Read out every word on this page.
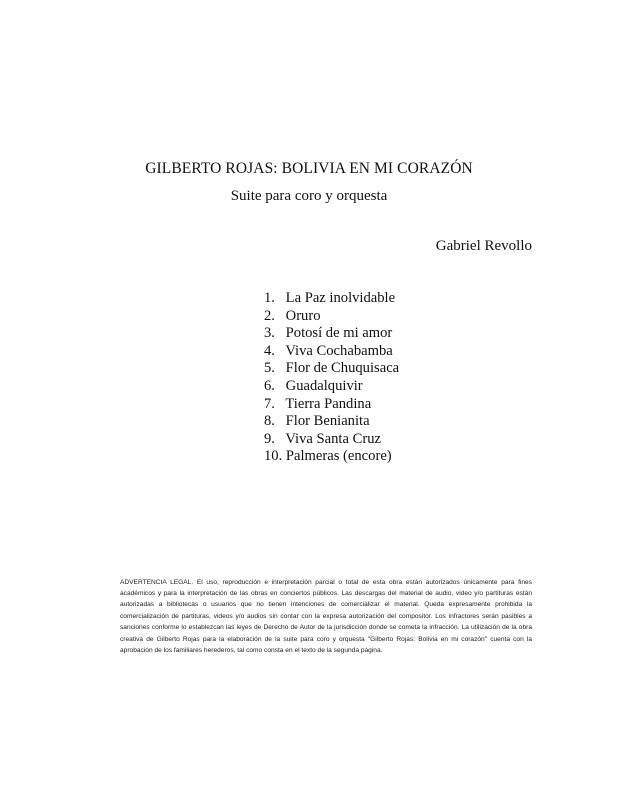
GILBERTO ROJAS: BOLIVIA EN MI CORAZÓN
Suite para coro y orquesta
Gabriel Revollo
1. La Paz inolvidable
2. Oruro
3. Potosí de mi amor
4. Viva Cochabamba
5. Flor de Chuquisaca
6. Guadalquivir
7. Tierra Pandina
8. Flor Benianita
9. Viva Santa Cruz
10. Palmeras (encore)

ADVERTENCIA LEGAL. El uso, reproducción e interpretación parcial o total de esta obra están autorizados únicamente para fines académicos y para la interpretación de las obras en conciertos públicos. Las descargas del material de audio, video y/o partituras están autorizadas a bibliotecas o usuarios que no tienen intenciones de comercializar el material. Queda expresamente prohibida la comercialización de partituras, videos y/o audios sin contar con la expresa autorización del compositor. Los infractores serán pasibles a sanciones conforme lo establezcan las leyes de Derecho de Autor de la jurisdicción donde se cometa la infracción. La utilización de la obra creativa de Gilberto Rojas para la elaboración de la suite para coro y orquesta "Gilberto Rojas: Bolivia en mi corazón" cuenta con la aprobación de los familiares herederos, tal como consta en el texto de la segunda página.
